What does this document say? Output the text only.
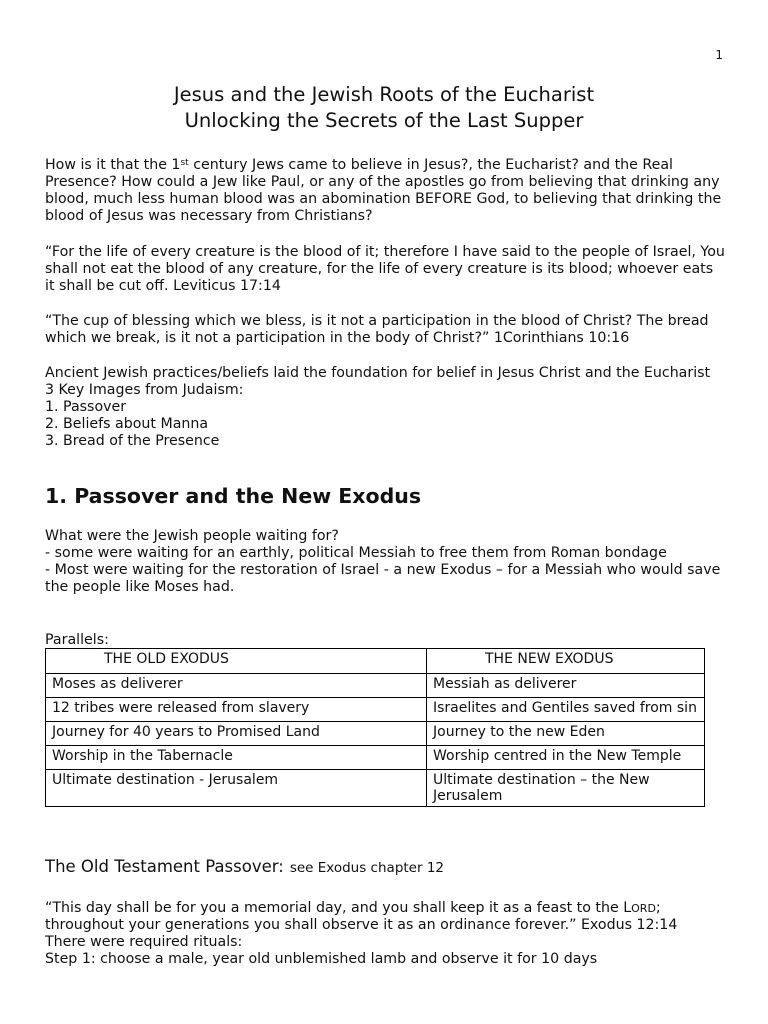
1
Jesus and the Jewish Roots of the Eucharist
Unlocking the Secrets of the Last Supper

How is it that the 1st century Jews came to believe in Jesus?, the Eucharist? and the Real Presence? How could a Jew like Paul, or any of the apostles go from believing that drinking any blood, much less human blood was an abomination BEFORE God, to believing that drinking the blood of Jesus was necessary from Christians?

“For the life of every creature is the blood of it; therefore I have said to the people of Israel, You shall not eat the blood of any creature, for the life of every creature is its blood; whoever eats it shall be cut off. Leviticus 17:14

“The cup of blessing which we bless, is it not a participation in the blood of Christ? The bread which we break, is it not a participation in the body of Christ?” 1Corinthians 10:16

Ancient Jewish practices/beliefs laid the foundation for belief in Jesus Christ and the Eucharist

3 Key Images from Judaism:

1. Passover

2. Beliefs about Manna

3. Bread of the Presence

1. Passover and the New Exodus

What were the Jewish people waiting for?

- some were waiting for an earthly, political Messiah to free them from Roman bondage

- Most were waiting for the restoration of Israel - a new Exodus – for a Messiah who would save the people like Moses had.

Parallels:
THE OLD EXODUS	THE NEW EXODUS
Moses as deliverer	Messiah as deliverer
12 tribes were released from slavery	Israelites and Gentiles saved from sin
Journey for 40 years to Promised Land	Journey to the new Eden
Worship in the Tabernacle	Worship centred in the New Temple
Ultimate destination - Jerusalem	Ultimate destination – the New Jerusalem
The Old Testament Passover: see Exodus chapter 12

“This day shall be for you a memorial day, and you shall keep it as a feast to the LORD; throughout your generations you shall observe it as an ordinance forever.” Exodus 12:14

There were required rituals:

Step 1: choose a male, year old unblemished lamb and observe it for 10 days
